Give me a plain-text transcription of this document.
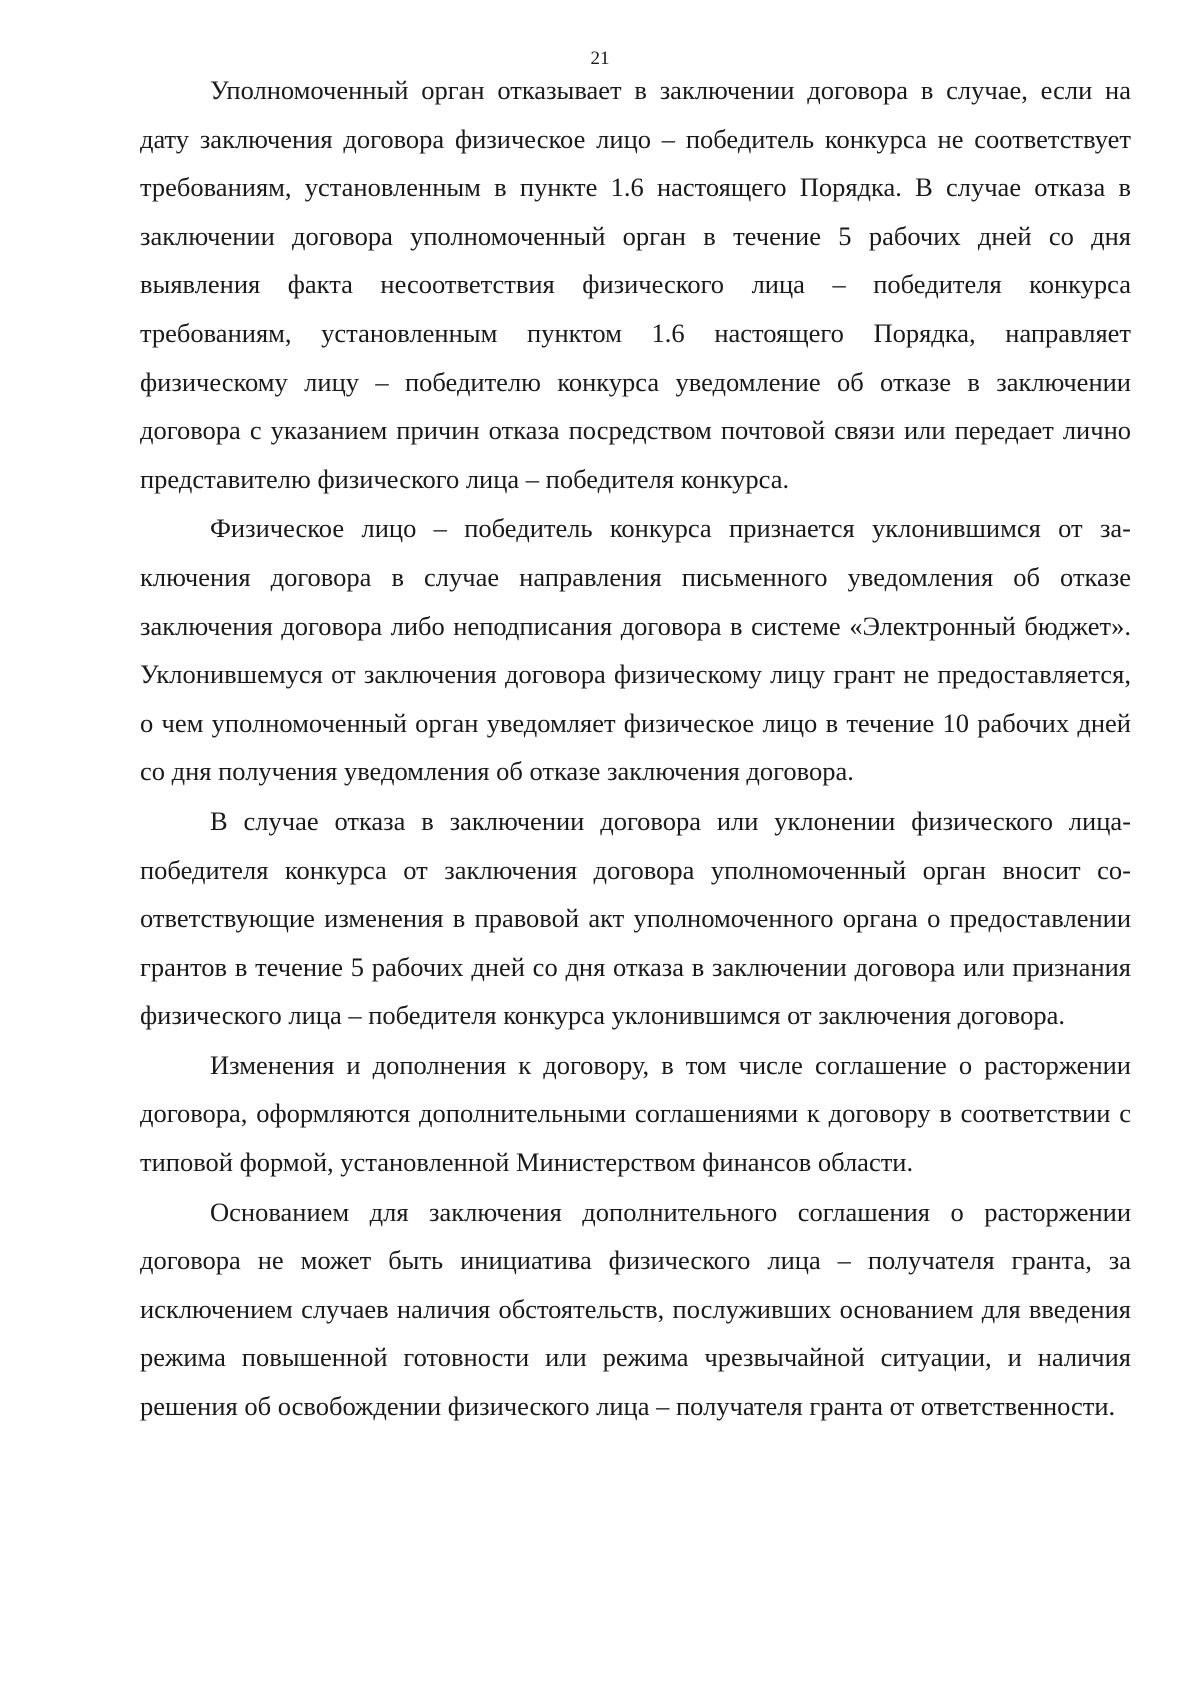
21

Уполномоченный орган отказывает в заключении договора в случае, если на дату заключения договора физическое лицо – победитель конкурса не соответствует требованиям, установленным в пункте 1.6 настоящего Порядка. В случае отказа в заключении договора уполномоченный орган в течение 5 рабочих дней со дня выявления факта несоответствия физического лица – победителя конкурса требованиям, установленным пунктом 1.6 настоящего Порядка, направляет физическому лицу – победителю конкурса уведомление об отказе в заключении договора с указанием причин отказа посредством почтовой связи или передает лично представителю физического лица – победителя конкурса.

Физическое лицо – победитель конкурса признается уклонившимся от заключения договора в случае направления письменного уведомления об отказе заключения договора либо неподписания договора в системе «Электронный бюджет». Уклонившемуся от заключения договора физическому лицу грант не предоставляется, о чем уполномоченный орган уведомляет физическое лицо в течение 10 рабочих дней со дня получения уведомления об отказе заключения договора.

В случае отказа в заключении договора или уклонении физического лица-победителя конкурса от заключения договора уполномоченный орган вносит соответствующие изменения в правовой акт уполномоченного органа о предоставлении грантов в течение 5 рабочих дней со дня отказа в заключении договора или признания физического лица – победителя конкурса уклонившимся от заключения договора.

Изменения и дополнения к договору, в том числе соглашение о расторжении договора, оформляются дополнительными соглашениями к договору в соответствии с типовой формой, установленной Министерством финансов области.

Основанием для заключения дополнительного соглашения о расторжении договора не может быть инициатива физического лица – получателя гранта, за исключением случаев наличия обстоятельств, послуживших основанием для введения режима повышенной готовности или режима чрезвычайной ситуации, и наличия решения об освобождении физического лица – получателя гранта от ответственности.
